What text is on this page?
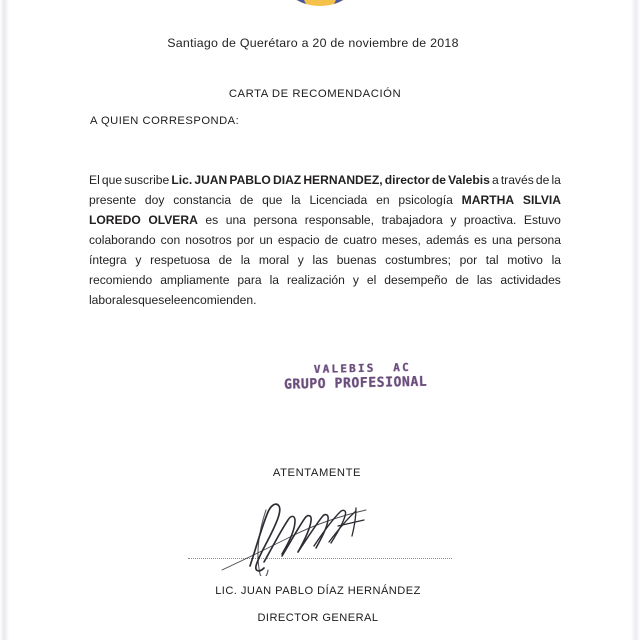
Santiago de Querétaro a 20 de noviembre de 2018
CARTA DE RECOMENDACIÓN
A QUIEN CORRESPONDA:
El que suscribe Lic. JUAN PABLO DIAZ HERNANDEZ, director de Valebis a través de la
presente doy constancia de que la Licenciada en psicología MARTHA SILVIA
LOREDO OLVERA es una persona responsable, trabajadora y proactiva. Estuvo
colaborando con nosotros por un espacio de cuatro meses, además es una persona
íntegra y respetuosa de la moral y las buenas costumbres; por tal motivo la
recomiendo ampliamente para la realización y el desempeño de las actividades
laborales que se le encomienden.
VALEBIS  AC
GRUPO PROFESIONAL
ATENTAMENTE
LIC. JUAN PABLO DÍAZ HERNÁNDEZ
DIRECTOR GENERAL
